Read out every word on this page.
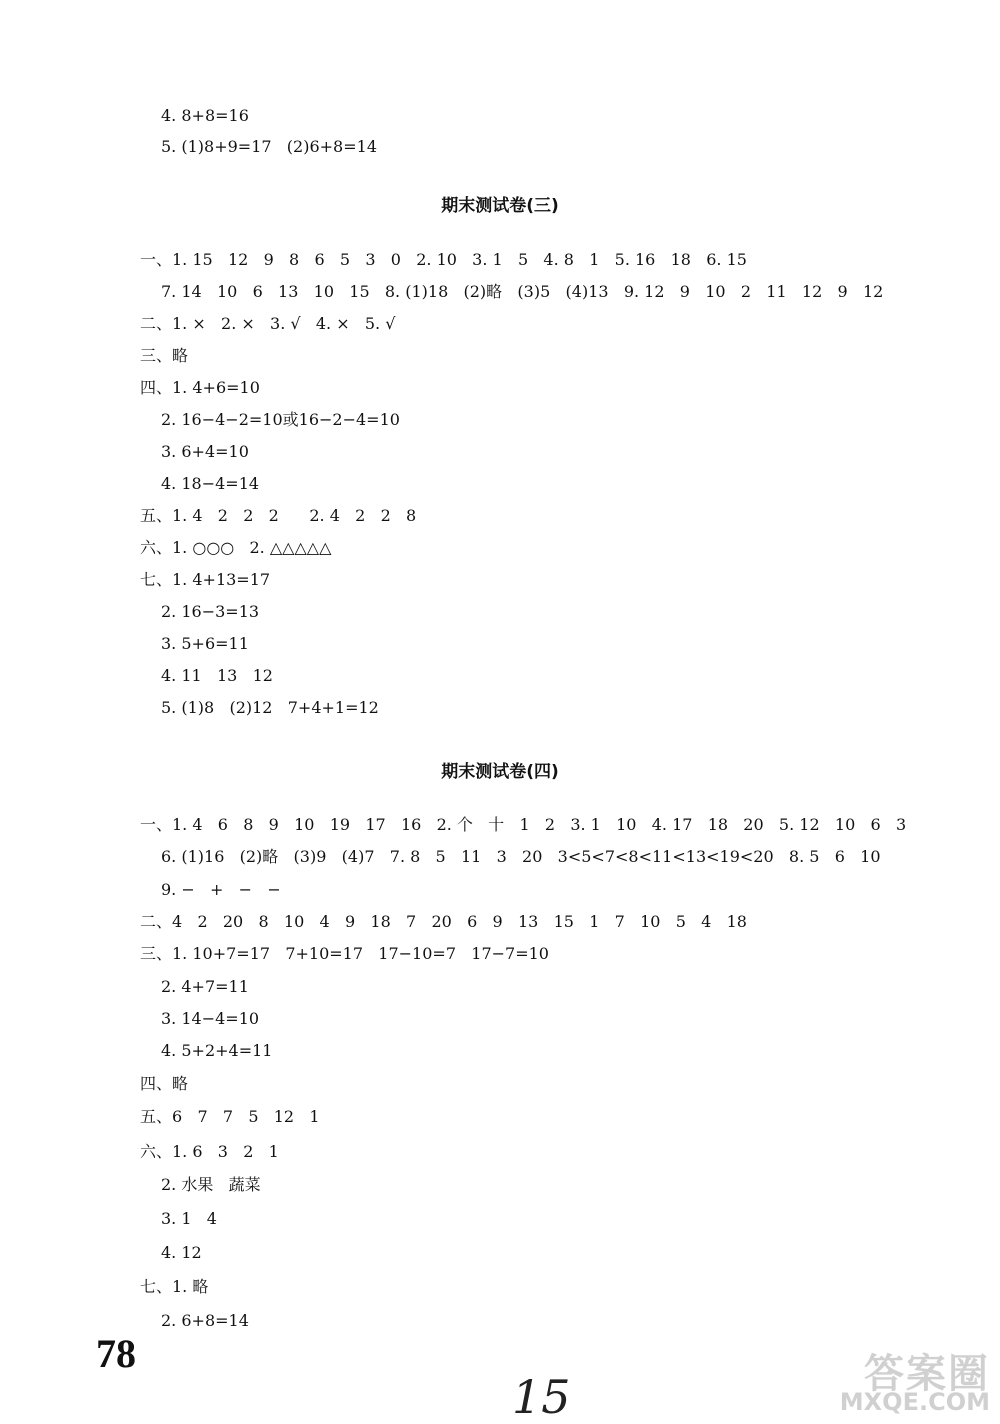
4. 8+8=16
5. (1)8+9=17   (2)6+8=14
期末测试卷(三)
一、1. 15   12   9   8   6   5   3   0   2. 10   3. 1   5   4. 8   1   5. 16   18   6. 15
7. 14   10   6   13   10   15   8. (1)18   (2)略   (3)5   (4)13   9. 12   9   10   2   11   12   9   12
二、1. ×   2. ×   3. √   4. ×   5. √
三、略
四、1. 4+6=10
2. 16−4−2=10或16−2−4=10
3. 6+4=10
4. 18−4=14
五、1. 4   2   2   2      2. 4   2   2   8
六、1. ○○○   2. △△△△△
七、1. 4+13=17
2. 16−3=13
3. 5+6=11
4. 11   13   12
5. (1)8   (2)12   7+4+1=12
期末测试卷(四)
一、1. 4   6   8   9   10   19   17   16   2. 个   十   1   2   3. 1   10   4. 17   18   20   5. 12   10   6   3
6. (1)16   (2)略   (3)9   (4)7   7. 8   5   11   3   20   3<5<7<8<11<13<19<20   8. 5   6   10
9. −   +   −   −
二、4   2   20   8   10   4   9   18   7   20   6   9   13   15   1   7   10   5   4   18
三、1. 10+7=17   7+10=17   17−10=7   17−7=10
2. 4+7=11
3. 14−4=10
4. 5+2+4=11
四、略
五、6   7   7   5   12   1
六、1. 6   3   2   1
2. 水果   蔬菜
3. 1   4
4. 12
七、1. 略
2. 6+8=14
78
15	答案圈
MXQE.COM
